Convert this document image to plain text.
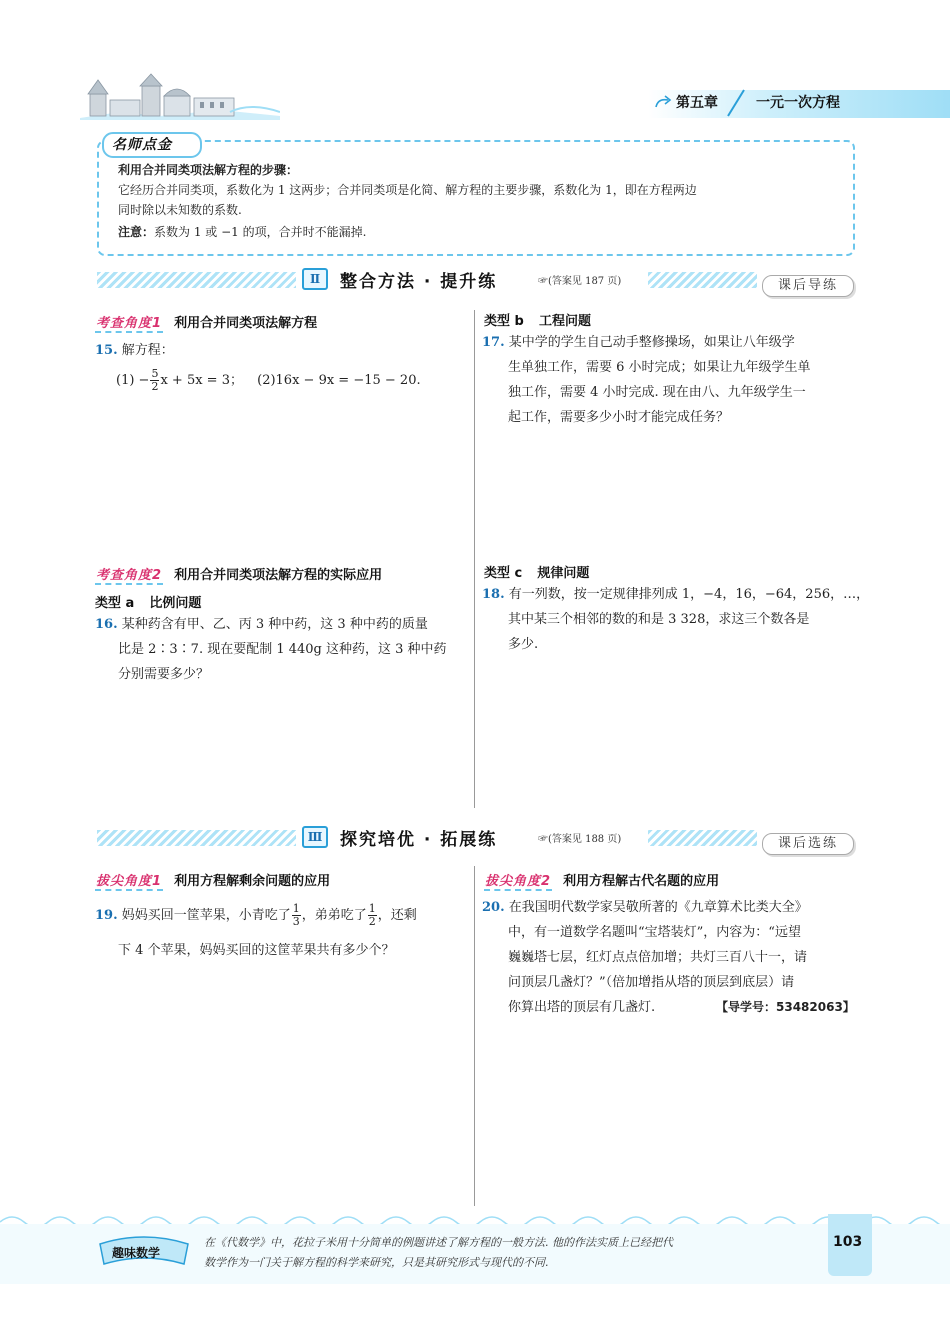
第五章	一元一次方程
名师点金
利用合并同类项法解方程的步骤：
它经历合并同类项，系数化为 1 这两步；合并同类项是化简、解方程的主要步骤，系数化为 1，即在方程两边
同时除以未知数的系数.
注意：系数为 1 或 −1 的项，合并时不能漏掉.
Ⅱ	整合方法 · 提升练	☞(答案见 187 页)	课后导练
考查角度1 利用合并同类项法解方程
15. 解方程：
$(1) - \frac{5}{2}$ x + 5x = 3； (2)16x − 9x = −15 − 20.
类型 b 工程问题
17. 某中学的学生自己动手整修操场，如果让八年级学
生单独工作，需要 6 小时完成；如果让九年级学生单
独工作，需要 4 小时完成. 现在由八、九年级学生一
起工作，需要多少小时才能完成任务？
考查角度2 利用合并同类项法解方程的实际应用
类型 a 比例问题
16. 某种药含有甲、乙、丙 3 种中药，这 3 种中药的质量
比是 2∶3∶7. 现在要配制 1 440g 这种药，这 3 种中药
分别需要多少？
类型 c 规律问题
18. 有一列数，按一定规律排列成 1，−4，16，−64，256，…，
其中某三个相邻的数的和是 3 328，求这三个数各是
多少.
Ⅲ	探究培优 · 拓展练	☞(答案见 188 页)	课后选练
拔尖角度1 利用方程解剩余问题的应用
19. 妈妈买回一筐苹果，小青吃了 $\frac{1}{3}$ ，弟弟吃了 $\frac{1}{2}$ ，还剩
下 4 个苹果，妈妈买回的这筐苹果共有多少个？
拔尖角度2 利用方程解古代名题的应用
20. 在我国明代数学家吴敬所著的《九章算术比类大全》
中，有一道数学名题叫“宝塔装灯”，内容为：“远望
巍巍塔七层，红灯点点倍加增；共灯三百八十一，请
问顶层几盏灯？”（倍加增指从塔的顶层到底层）请
你算出塔的顶层有几盏灯.	【导学号：53482063】
趣味数学
在《代数学》中，花拉子米用十分简单的例题讲述了解方程的一般方法. 他的作法实质上已经把代
数学作为一门关于解方程的科学来研究，只是其研究形式与现代的不同.
103
